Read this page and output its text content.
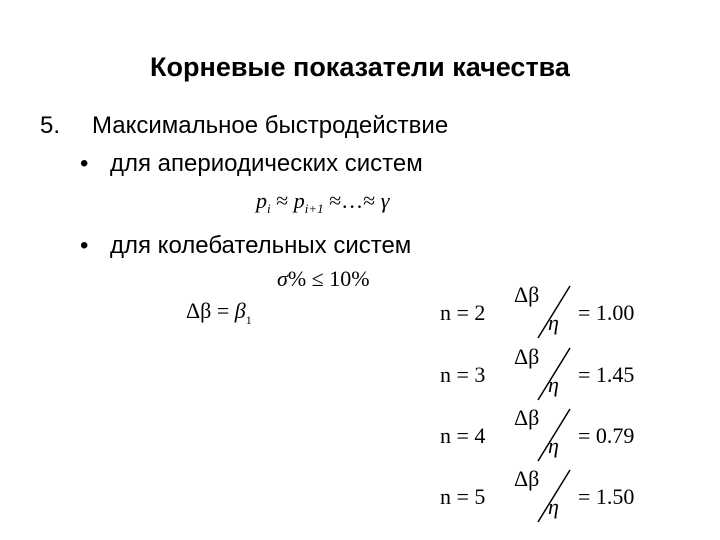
Корневые показатели качества
5. Максимальное быстродействие
• для апериодических систем
$p_i \approx p_{i+1}$ ≈…≈ γ
• для колебательных систем
σ% ≤ 10%
$\Delta\beta = \beta_1$	n = 2
Δβ
η = 1.00
n = 3
Δβ
η = 1.45
n = 4
Δβ
η = 0.79
n = 5
Δβ
η = 1.50
